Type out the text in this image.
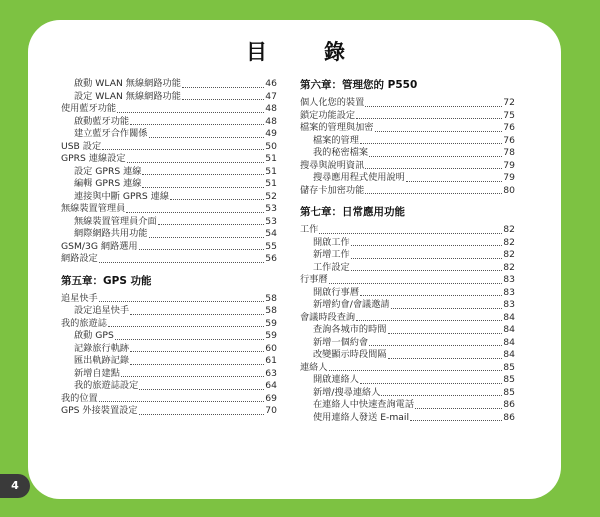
4
目　錄
啟動 WLAN 無線網路功能	46
設定 WLAN 無線網路功能	47
使用藍牙功能	48
啟動藍牙功能	48
建立藍牙合作關係	49
USB 設定	50
GPRS 連線設定	51
設定 GPRS 連線	51
編輯 GPRS 連線	51
連接與中斷 GPRS 連線	52
無線裝置管理員	53
無線裝置管理員介面	53
網際網路共用功能	54
GSM/3G 網路選用	55
網路設定	56
第五章：GPS 功能
追星快手	58
設定追星快手	58
我的旅遊誌	59
啟動 GPS	59
記錄旅行軌跡	60
匯出軌跡記錄	61
新增自建點	63
我的旅遊誌設定	64
我的位置	69
GPS 外接裝置設定	70
第六章：管理您的 P550
個人化您的裝置	72
鎖定功能設定	75
檔案的管理與加密	76
檔案的管理	76
我的秘密檔案	78
搜尋與說明資訊	79
搜尋應用程式使用說明	79
儲存卡加密功能	80
第七章：日常應用功能
工作	82
開啟工作	82
新增工作	82
工作設定	82
行事曆	83
開啟行事曆	83
新增約會/會議邀請	83
會議時段查詢	84
查詢各城市的時間	84
新增一個約會	84
改變顯示時段間隔	84
連絡人	85
開啟連絡人	85
新增/搜尋連絡人	85
在連絡人中快速查詢電話	86
使用連絡人發送 E-mail	86
